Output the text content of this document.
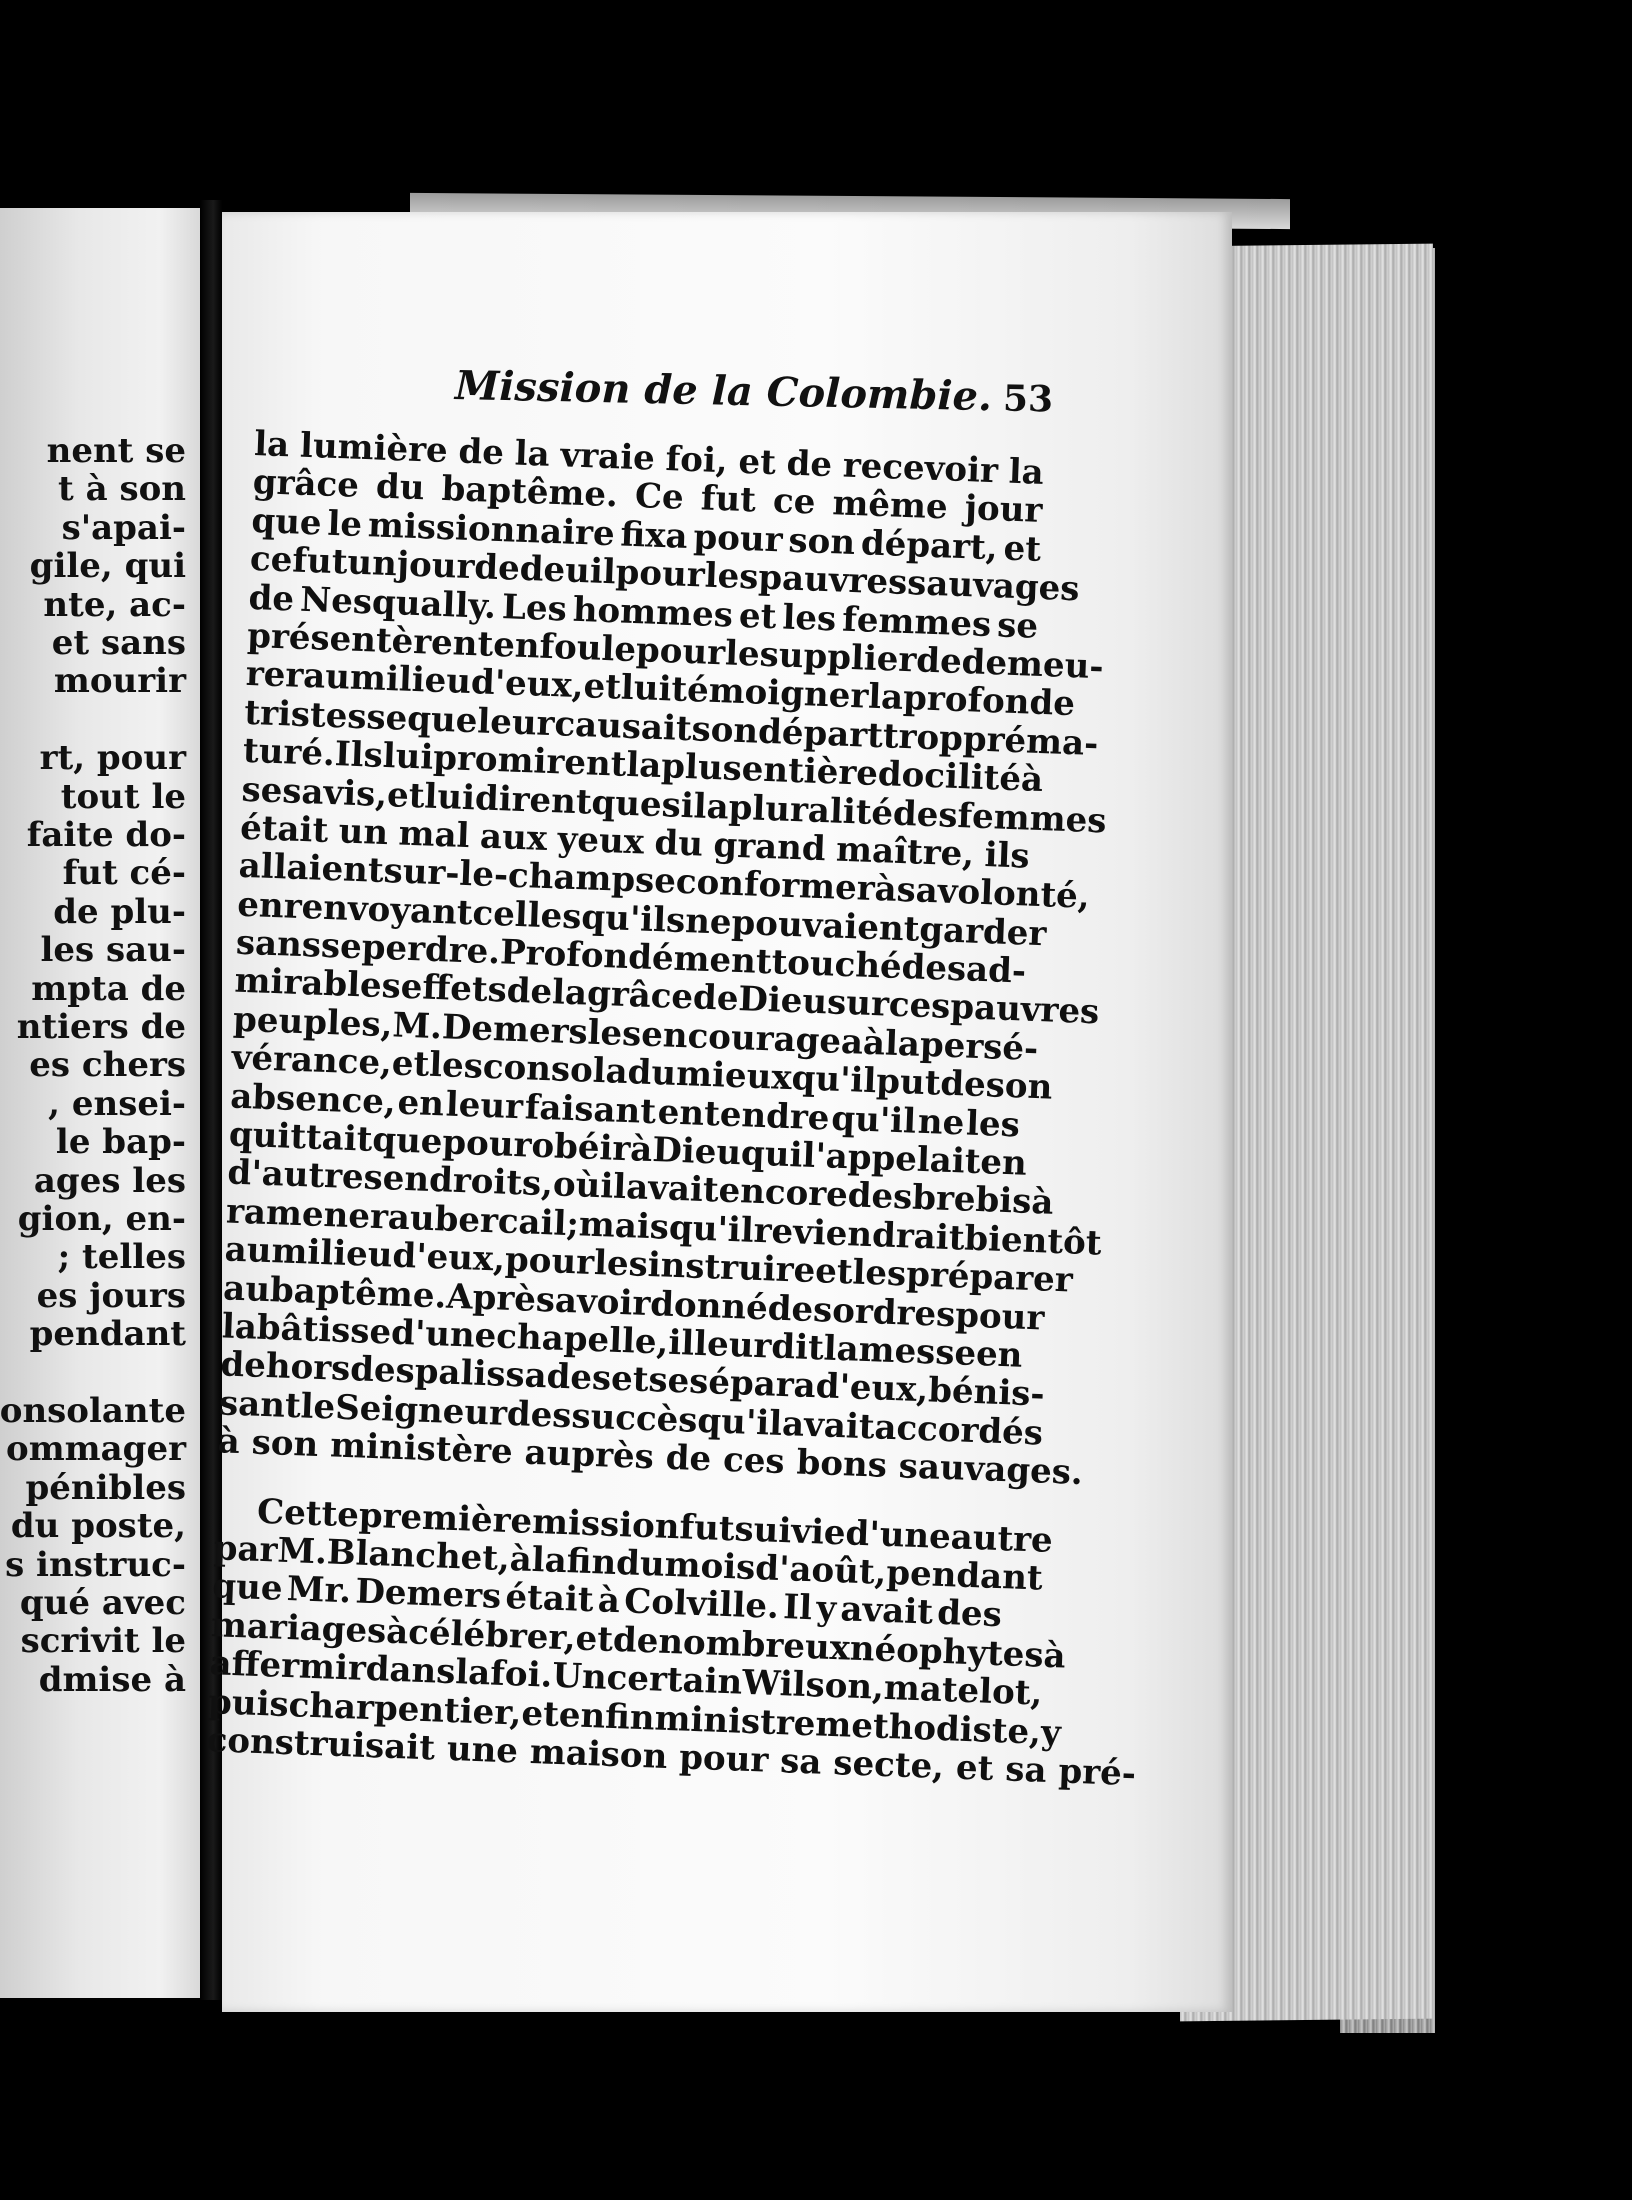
nent se
t à son
s'apai-
gile, qui
nte, ac-
et sans
mourir
rt, pour
tout le
faite do-
fut cé-
de plu-
les sau-
mpta de
ntiers de
es chers
, ensei-
le bap-
ages les
gion, en-
; telles
es jours
pendant
onsolante
ommager
pénibles
du poste,
s instruc-
qué avec
scrivit le
dmise à
Mission de la Colombie. 53
la lumière de la vraie foi, et de recevoir la
grâce du baptême. Ce fut ce même jour
que le missionnaire fixa pour son départ, et
ce
fut
un
jour
de
deuil
pour
les
pauvres
sauvages
de Nesqually. Les hommes et les femmes se
présentèrent
en
foule
pour
le
supplier
de
demeu-
rer
au
milieu
d'eux,
et
lui
témoigner
la
profonde
tristesse
que
leur
causait
son
départ
trop
préma-
turé.
Ils
lui
promirent
la
plus
entière
docilité
à
ses
avis,
et
lui
dirent
que
si
la
pluralité
des
femmes
était un mal aux yeux du grand maître, ils
allaient
sur-le-champ
se
conformer
à
sa
volonté,
en
renvoyant
celles
qu'ils
ne
pouvaient
garder
sans
se
perdre.
Profondément
touché
des
ad-
mirables
effets
de
la
grâce
de
Dieu
sur
ces
pauvres
peuples,
M.
Demers
les
encouragea
à
la
persé-
vérance,
et
les
consola
du
mieux
qu'il
put
de
son
absence, en leur faisant entendre qu'il ne les
quittait
que
pour
obéir
à
Dieu
qui
l'appelait
en
d'autres
endroits,
où
il
avait
encore
des
brebis
à
ramener
au
bercail
;
mais
qu'il
reviendrait
bientôt
au
milieu
d'eux,
pour
les
instruire
et
les
préparer
au
baptême.
Après
avoir
donné
des
ordres
pour
la
bâtisse
d'une
chapelle,
il
leur
dit
la
messe
en
dehors
des
palissades
et
se
sépara
d'eux,
bénis-
sant
le
Seigneur
des
succès
qu'il
avait
accordés
à son ministère auprès de ces bons sauvages.
Cette
première
mission
fut
suivie
d'une
autre
par
M.
Blanchet,
à
la
fin
du
mois
d'août,
pendant
que Mr. Demers était à Colville. Il y avait des
mariages
à
célébrer,
et
de
nombreux
néophytes
à
affermir
dans
la
foi.
Un
certain
Wilson,
matelot,
puis
charpentier,
et
enfin
ministre
methodiste,
y
construisait une maison pour sa secte, et sa pré-
